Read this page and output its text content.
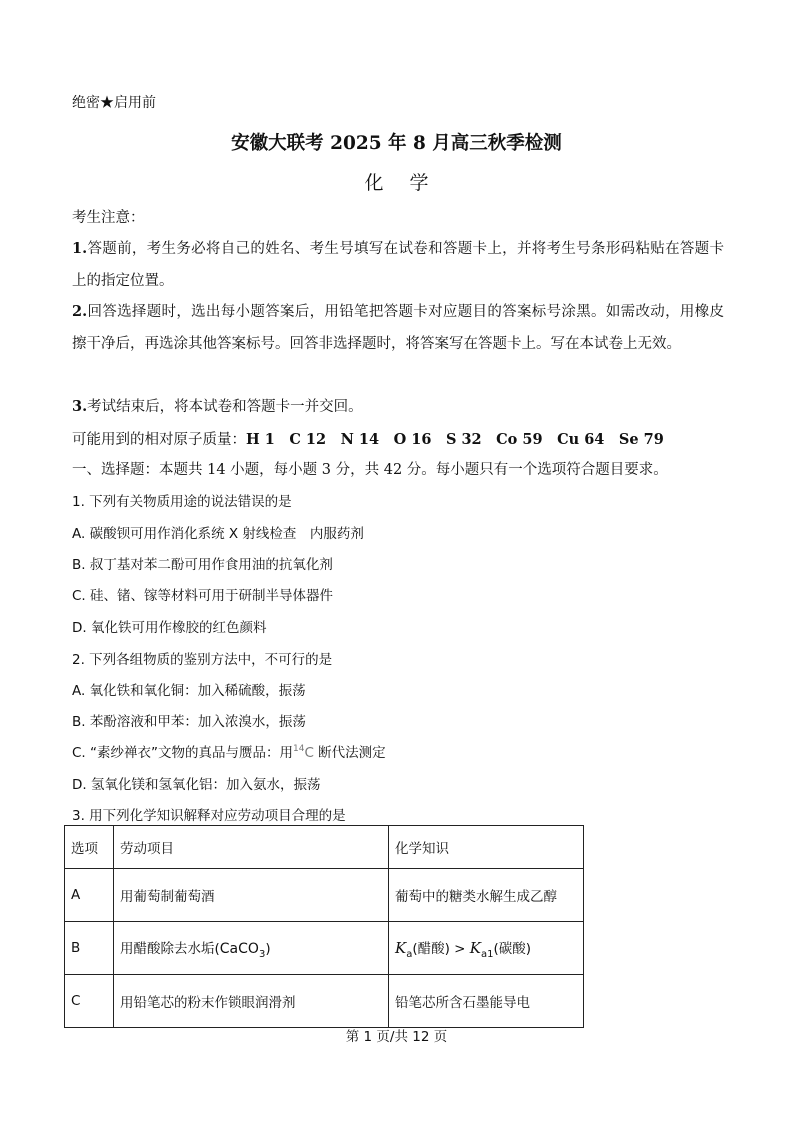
绝密★启用前
安徽大联考 2025 年 8 月高三秋季检测
化 学
考生注意：
1.答题前，考生务必将自己的姓名、考生号填写在试卷和答题卡上，并将考生号条形码粘贴在答题卡上的指定位置。
2.回答选择题时，选出每小题答案后，用铅笔把答题卡对应题目的答案标号涂黑。如需改动，用橡皮擦干净后，再选涂其他答案标号。回答非选择题时，将答案写在答题卡上。写在本试卷上无效。
3.考试结束后，将本试卷和答题卡一并交回。
可能用到的相对原子质量：H 1　C 12　N 14　O 16　S 32　Co 59　Cu 64　Se 79
一、选择题：本题共 14 小题，每小题 3 分，共 42 分。每小题只有一个选项符合题目要求。
1. 下列有关物质用途的说法错误的是
A. 碳酸钡可用作消化系统 X 射线检查　内服药剂
B. 叔丁基对苯二酚可用作食用油的抗氧化剂
C. 硅、锗、镓等材料可用于研制半导体器件
D. 氧化铁可用作橡胶的红色颜料
2. 下列各组物质的鉴别方法中，不可行的是
A. 氧化铁和氧化铜：加入稀硫酸，振荡
B. 苯酚溶液和甲苯：加入浓溴水，振荡
C. “素纱禅衣”文物的真品与赝品：用$^{14}$C 断代法测定
D. 氢氧化镁和氢氧化铝：加入氨水，振荡
3. 用下列化学知识解释对应劳动项目合理的是
选项	劳动项目	化学知识
A	用葡萄制葡萄酒	葡萄中的糖类水解生成乙醇
B	用醋酸除去水垢(CaCO$_3$)	$K_a$(醋酸) > $K_{a1}$(碳酸)
C	用铅笔芯的粉末作锁眼润滑剂	铅笔芯所含石墨能导电
第 1 页/共 12 页
